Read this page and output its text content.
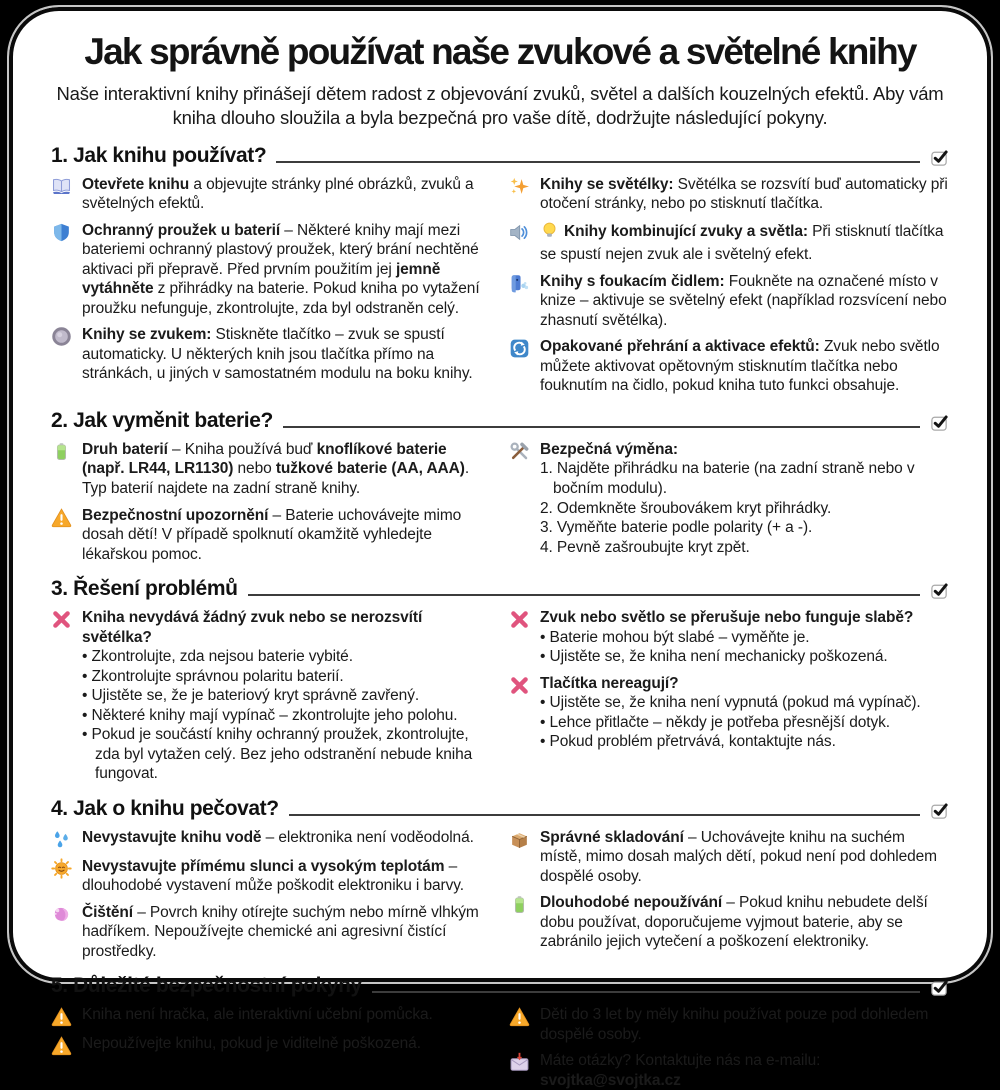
Jak správně používat naše zvukové a světelné knihy
Naše interaktivní knihy přinášejí dětem radost z objevování zvuků, světel a dalších kouzelných efektů. Aby vám kniha dlouho sloužila a byla bezpečná pro vaše dítě, dodržujte následující pokyny.
1. Jak knihu používat?
Otevřete knihu a objevujte stránky plné obrázků, zvuků a světelných efektů.
Ochranný proužek u baterií – Některé knihy mají mezi bateriemi ochranný plastový proužek, který brání nechtěné aktivaci při přepravě. Před prvním použitím jej jemně vytáhněte z přihrádky na baterie. Pokud kniha po vytažení proužku nefunguje, zkontrolujte, zda byl odstraněn celý.
Knihy se zvukem: Stiskněte tlačítko – zvuk se spustí automaticky. U některých knih jsou tlačítka přímo na stránkách, u jiných v samostatném modulu na boku knihy.
Knihy se světélky: Světélka se rozsvítí buď automaticky při otočení stránky, nebo po stisknutí tlačítka.
Knihy kombinující zvuky a světla: Při stisknutí tlačítka se spustí nejen zvuk ale i světelný efekt.
Knihy s foukacím čidlem: Foukněte na označené místo v knize – aktivuje se světelný efekt (například rozsvícení nebo zhasnutí světélka).
Opakované přehrání a aktivace efektů: Zvuk nebo světlo můžete aktivovat opětovným stisknutím tlačítka nebo fouknutím na čidlo, pokud kniha tuto funkci obsahuje.
2. Jak vyměnit baterie?
Druh baterií – Kniha používá buď knoflíkové baterie (např. LR44, LR1130) nebo tužkové baterie (AA, AAA). Typ baterií najdete na zadní straně knihy.
Bezpečnostní upozornění – Baterie uchovávejte mimo dosah dětí! V případě spolknutí okamžitě vyhledejte lékařskou pomoc.
Bezpečná výměna:
1. Najděte přihrádku na baterie (na zadní straně nebo v bočním modulu).
2. Odemkněte šroubovákem kryt přihrádky.
3. Vyměňte baterie podle polarity (+ a -).
4. Pevně zašroubujte kryt zpět.
3. Řešení problémů
Kniha nevydává žádný zvuk nebo se nerozsvítí světélka?
• Zkontrolujte, zda nejsou baterie vybité.
• Zkontrolujte správnou polaritu baterií.
• Ujistěte se, že je bateriový kryt správně zavřený.
• Některé knihy mají vypínač – zkontrolujte jeho polohu.
• Pokud je součástí knihy ochranný proužek, zkontrolujte, zda byl vytažen celý. Bez jeho odstranění nebude kniha fungovat.
Zvuk nebo světlo se přerušuje nebo funguje slabě?
• Baterie mohou být slabé – vyměňte je.
• Ujistěte se, že kniha není mechanicky poškozená.
Tlačítka nereagují?
• Ujistěte se, že kniha není vypnutá (pokud má vypínač).
• Lehce přitlačte – někdy je potřeba přesnější dotyk.
• Pokud problém přetrvává, kontaktujte nás.
4. Jak o knihu pečovat?
Nevystavujte knihu vodě – elektronika není voděodolná.
Nevystavujte přímému slunci a vysokým teplotám – dlouhodobé vystavení může poškodit elektroniku i barvy.
Čištění – Povrch knihy otírejte suchým nebo mírně vlhkým hadříkem. Nepoužívejte chemické ani agresivní čistící prostředky.
Správné skladování – Uchovávejte knihu na suchém místě, mimo dosah malých dětí, pokud není pod dohledem dospělé osoby.
Dlouhodobé nepoužívání – Pokud knihu nebudete delší dobu používat, doporučujeme vyjmout baterie, aby se zabránilo jejich vytečení a poškození elektroniky.
5. Důležité bezpečnostní pokyny
Kniha není hračka, ale interaktivní učební pomůcka.
Nepoužívejte knihu, pokud je viditelně poškozená.
Děti do 3 let by měly knihu používat pouze pod dohledem dospělé osoby.
Máte otázky? Kontaktujte nás na e-mailu: svojtka@svojtka.cz
